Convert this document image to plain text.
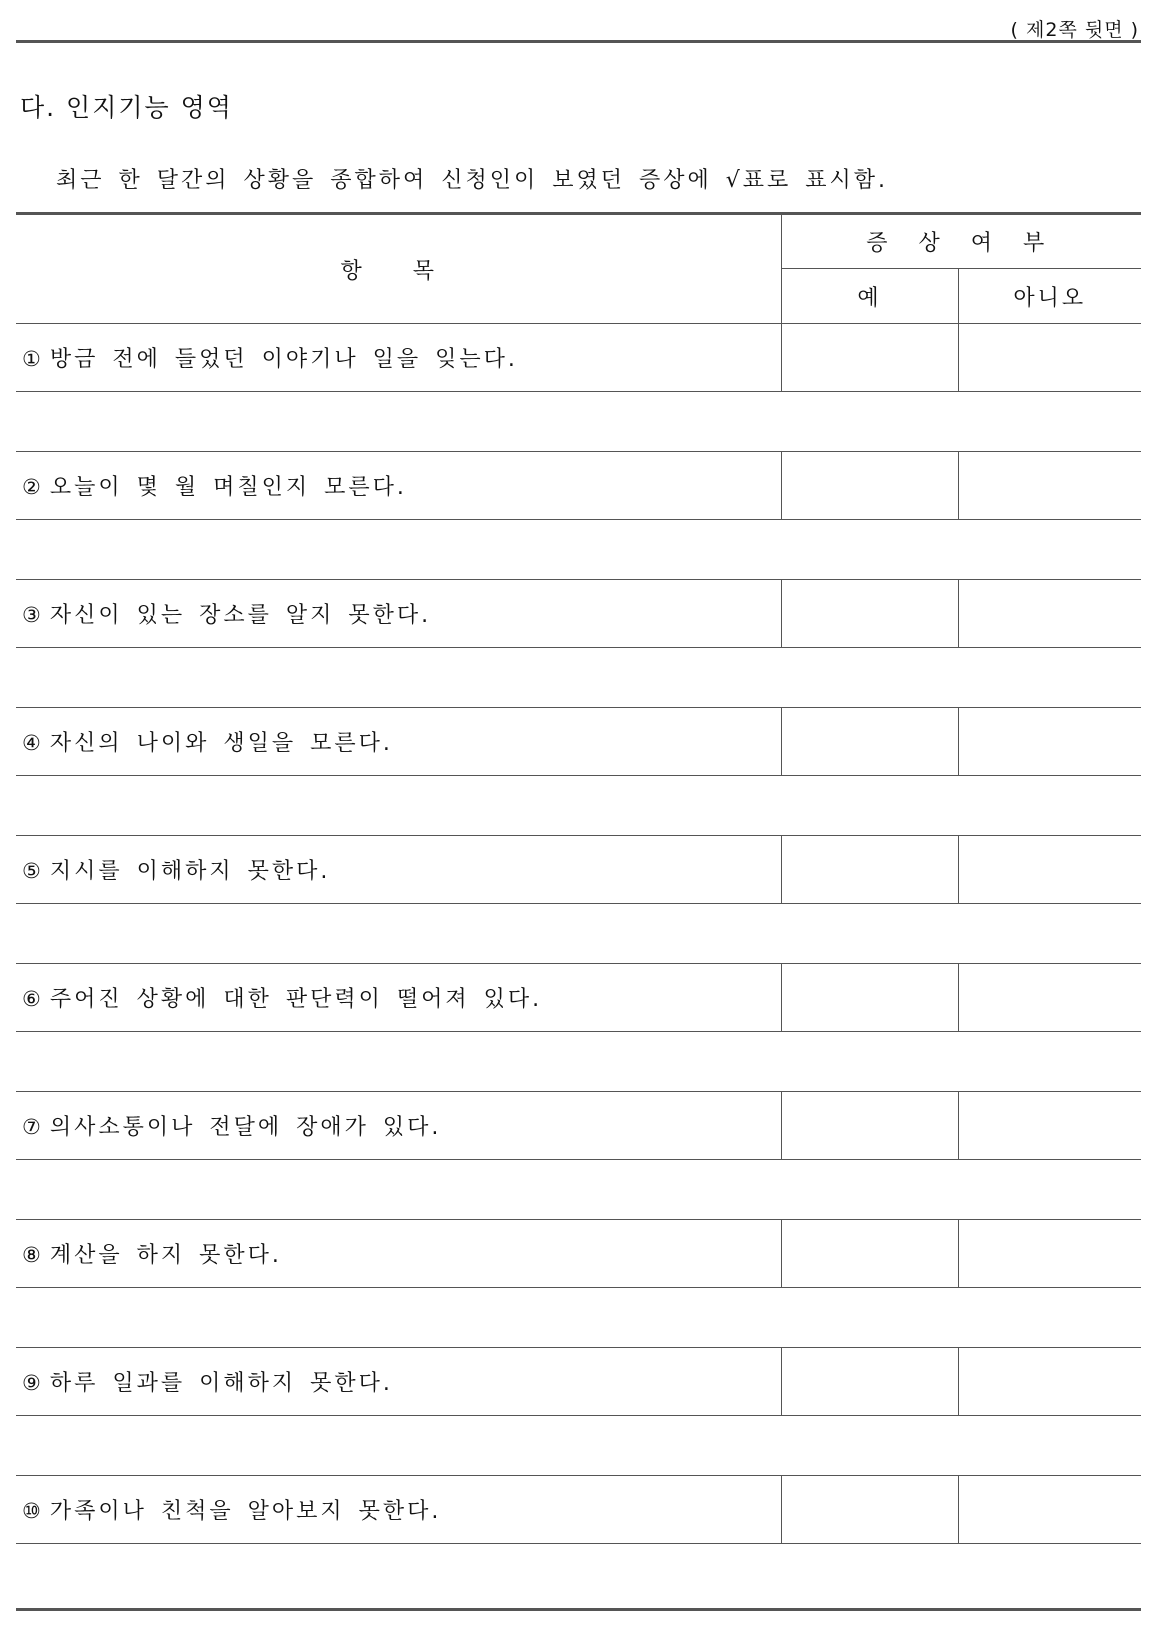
( 제2쪽 뒷면 )
다. 인지기능 영역
최근 한 달간의 상황을 종합하여 신청인이 보였던 증상에 √표로 표시함.
항 목	증 상 여 부	
	예	아니오
① 방금 전에 들었던 이야기나 일을 잊는다.		

② 오늘이 몇 월 며칠인지 모른다.		

③ 자신이 있는 장소를 알지 못한다.		

④ 자신의 나이와 생일을 모른다.		

⑤ 지시를 이해하지 못한다.		

⑥ 주어진 상황에 대한 판단력이 떨어져 있다.		

⑦ 의사소통이나 전달에 장애가 있다.		

⑧ 계산을 하지 못한다.		

⑨ 하루 일과를 이해하지 못한다.		

⑩ 가족이나 친척을 알아보지 못한다.		
